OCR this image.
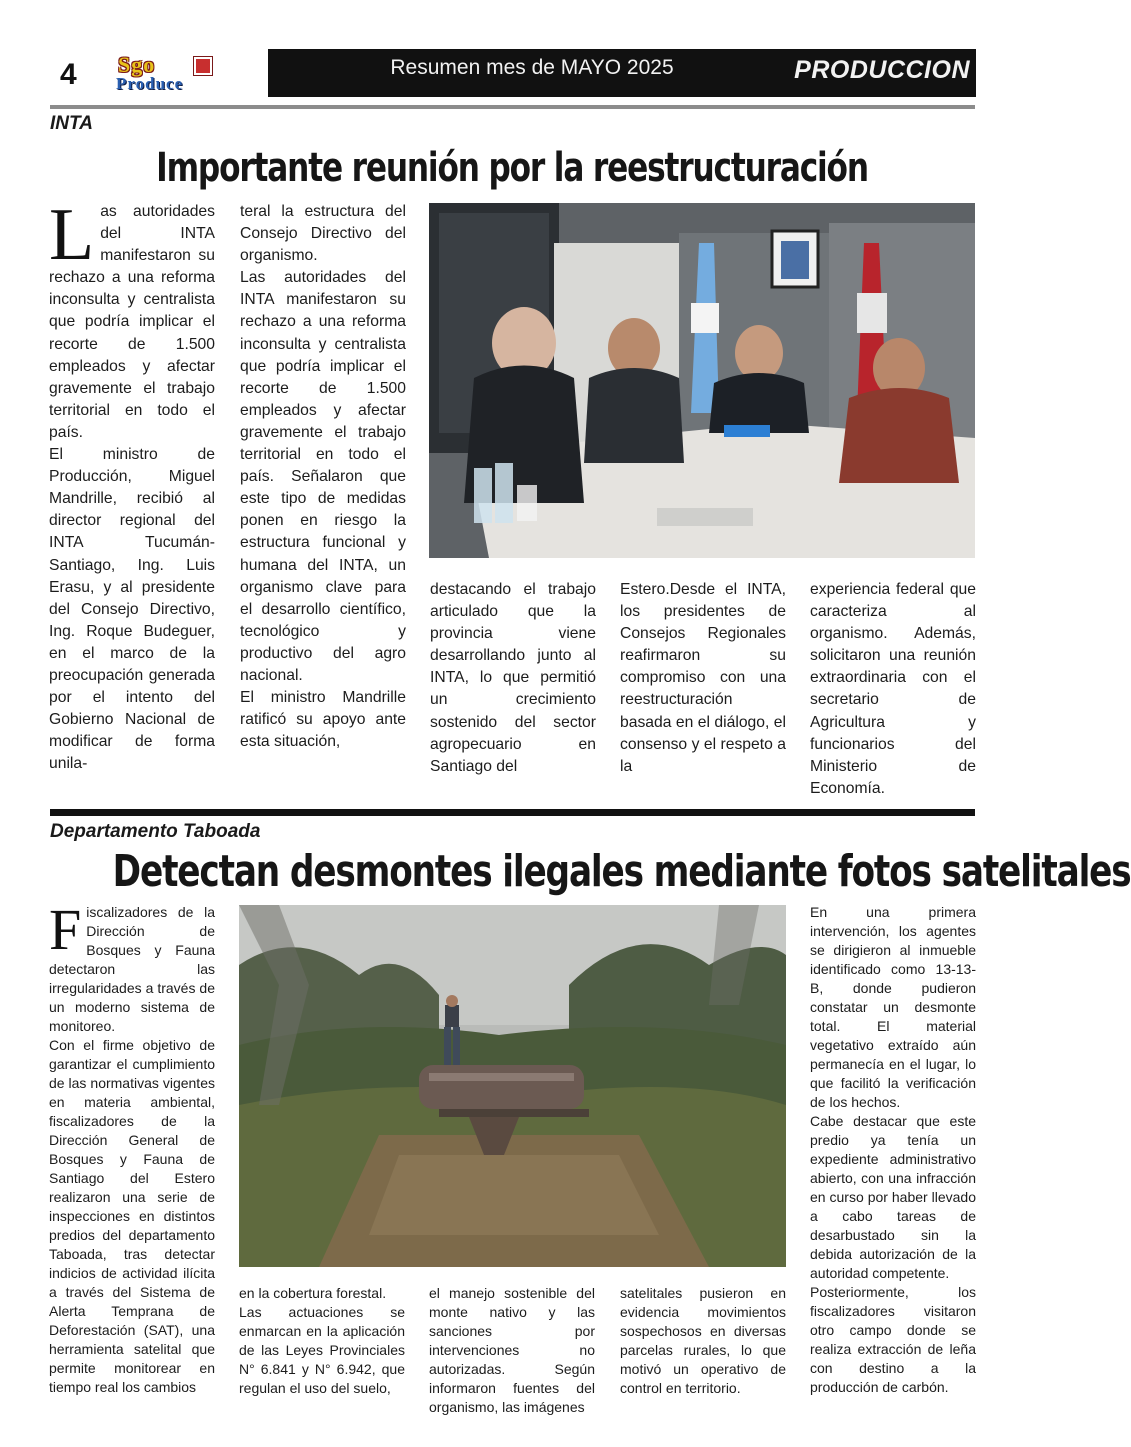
4 Sgo
Produce
Resumen mes de MAYO 2025	PRODUCCION
INTA
Importante reunión por la reestructuración
L as autoridades del INTA manifestaron su rechazo a una reforma inconsulta y centralista que podría implicar el recorte de 1.500 empleados y afectar gravemente el trabajo territorial en todo el país.

El ministro de Producción, Miguel Mandrille, recibió al director regional del INTA Tucumán-Santiago, Ing. Luis Erasu, y al presidente del Consejo Directivo, Ing. Roque Budeguer, en el marco de la preocupación generada por el intento del Gobierno Nacional de modificar de forma unila-

teral la estructura del Consejo Directivo del organismo.

Las autoridades del INTA manifestaron su rechazo a una reforma inconsulta y centralista que podría implicar el recorte de 1.500 empleados y afectar gravemente el trabajo territorial en todo el país. Señalaron que este tipo de medidas ponen en riesgo la estructura funcional y humana del INTA, un organismo clave para el desarrollo científico, tecnológico y productivo del agro nacional.

El ministro Mandrille ratificó su apoyo ante esta situación,

destacando el trabajo articulado que la provincia viene desarrollando junto al INTA, lo que permitió un crecimiento sostenido del sector agropecuario en Santiago del

Estero.Desde el INTA, los presidentes de Consejos Regionales reafirmaron su compromiso con una reestructuración basada en el diálogo, el consenso y el respeto a la

experiencia federal que caracteriza al organismo. Además, solicitaron una reunión extraordinaria con el secretario de Agricultura y funcionarios del Ministerio de Economía.

Departamento Taboada
Detectan desmontes ilegales mediante fotos satelitales
F iscalizadores de la Dirección de Bosques y Fauna detectaron las irregularidades a través de un moderno sistema de monitoreo.

Con el firme objetivo de garantizar el cumplimiento de las normativas vigentes en materia ambiental, fiscalizadores de la Dirección General de Bosques y Fauna de Santiago del Estero realizaron una serie de inspecciones en distintos predios del departamento Taboada, tras detectar indicios de actividad ilícita a través del Sistema de Alerta Temprana de Deforestación (SAT), una herramienta satelital que permite monitorear en tiempo real los cambios

en la cobertura forestal.

Las actuaciones se enmarcan en la aplicación de las Leyes Provinciales N° 6.841 y N° 6.942, que regulan el uso del suelo,

el manejo sostenible del monte nativo y las sanciones por intervenciones no autorizadas. Según informaron fuentes del organismo, las imágenes

satelitales pusieron en evidencia movimientos sospechosos en diversas parcelas rurales, lo que motivó un operativo de control en territorio.

En una primera intervención, los agentes se dirigieron al inmueble identificado como 13-13-B, donde pudieron constatar un desmonte total. El material vegetativo extraído aún permanecía en el lugar, lo que facilitó la verificación de los hechos.

Cabe destacar que este predio ya tenía un expediente administrativo abierto, con una infracción en curso por haber llevado a cabo tareas de desarbustado sin la debida autorización de la autoridad competente.

Posteriormente, los fiscalizadores visitaron otro campo donde se realiza extracción de leña con destino a la producción de carbón.
